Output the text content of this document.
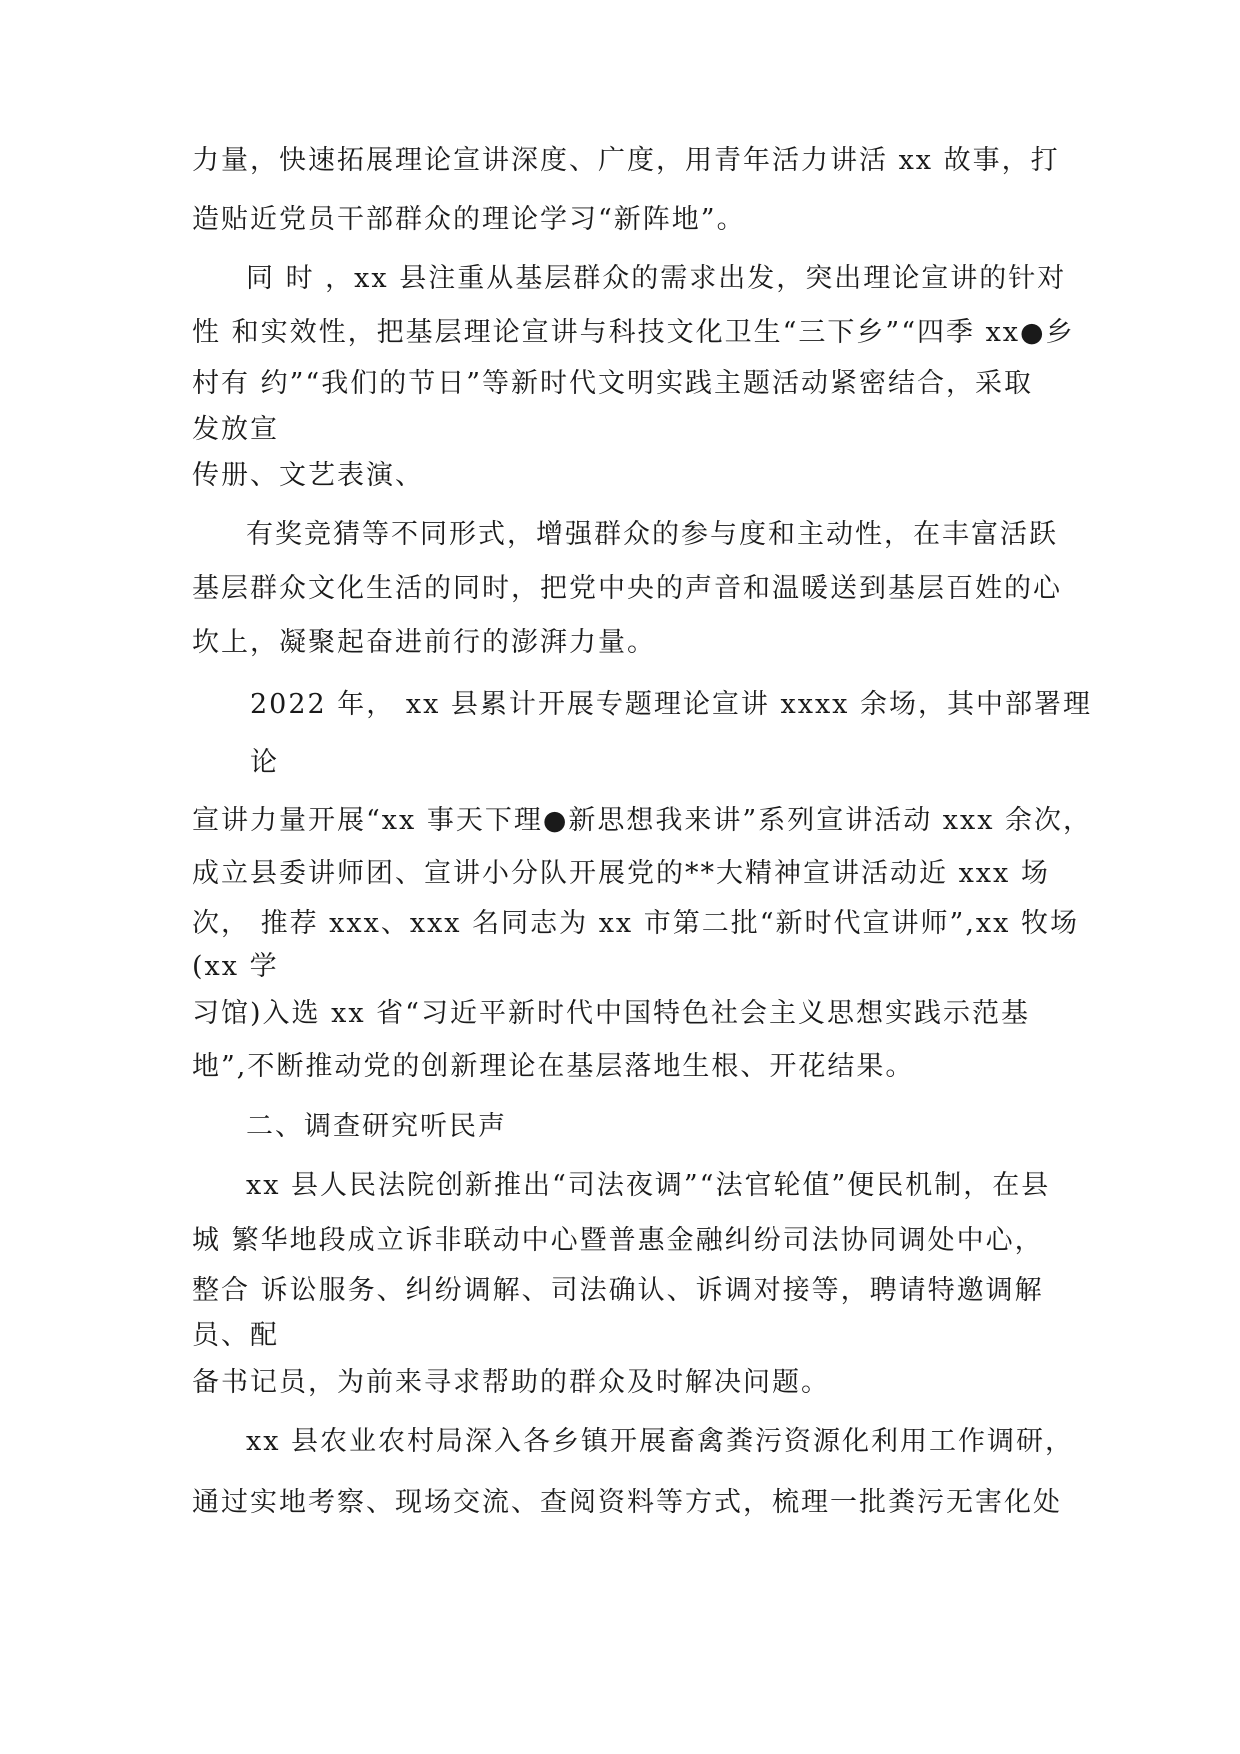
力量，快速拓展理论宣讲深度、广度，用青年活力讲活 xx 故事，打
造贴近党员干部群众的理论学习“新阵地”。
同 时 ，xx 县注重从基层群众的需求出发，突出理论宣讲的针对
性 和实效性，把基层理论宣讲与科技文化卫生“三下乡”“四季 xx●乡
村有 约”“我们的节日”等新时代文明实践主题活动紧密结合，采取
发放宣
传册、文艺表演、
有奖竞猜等不同形式，增强群众的参与度和主动性，在丰富活跃
基层群众文化生活的同时，把党中央的声音和温暖送到基层百姓的心
坎上，凝聚起奋进前行的澎湃力量。
2022 年， xx 县累计开展专题理论宣讲 xxxx 余场，其中部署理
论
宣讲力量开展“xx 事天下理●新思想我来讲”系列宣讲活动 xxx 余次，
成立县委讲师团、宣讲小分队开展党的**大精神宣讲活动近 xxx 场
次， 推荐 xxx、xxx 名同志为 xx 市第二批“新时代宣讲师”,xx 牧场
(xx 学
习馆)入选 xx 省“习近平新时代中国特色社会主义思想实践示范基
地”,不断推动党的创新理论在基层落地生根、开花结果。
二、调查研究听民声
xx 县人民法院创新推出“司法夜调”“法官轮值”便民机制，在县
城 繁华地段成立诉非联动中心暨普惠金融纠纷司法协同调处中心，
整合 诉讼服务、纠纷调解、司法确认、诉调对接等，聘请特邀调解
员、配
备书记员，为前来寻求帮助的群众及时解决问题。
xx 县农业农村局深入各乡镇开展畜禽粪污资源化利用工作调研，
通过实地考察、现场交流、查阅资料等方式，梳理一批粪污无害化处
